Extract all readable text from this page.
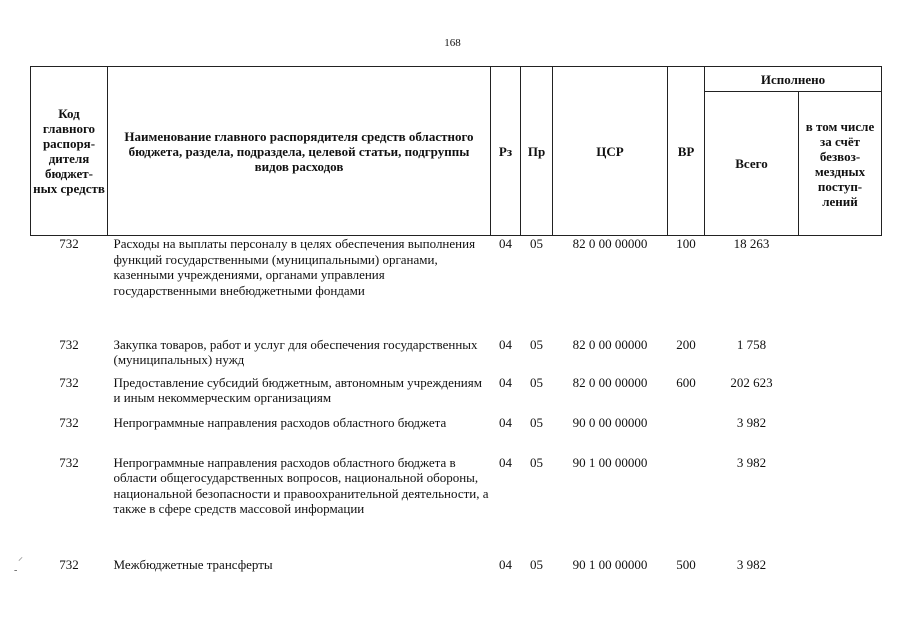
168
Код главного распоря-дителя бюджет-ных средств	Наименование главного распорядителя средств областного бюджета, раздела, подраздела, целевой статьи, подгруппы видов расходов	Рз	Пр	ЦСР	ВР	Исполнено	
						Всего	в том числе за счёт безвоз-мездных поступ-лений
732	Расходы на выплаты персоналу в целях обеспечения выполнения функций государственными (муниципальными) органами, казенными учреждениями, органами управления государственными внебюджетными фондами	04	05	82 0 00 00000	100	18 263	
732	Закупка товаров, работ и услуг для обеспечения государственных (муниципальных) нужд	04	05	82 0 00 00000	200	1 758	
732	Предоставление субсидий бюджетным, автономным учреждениям и иным некоммерческим организациям	04	05	82 0 00 00000	600	202 623	
732	Непрограммные направления расходов областного бюджета	04	05	90 0 00 00000		3 982	
732	Непрограммные направления расходов областного бюджета в области общегосударственных вопросов, национальной обороны, национальной безопасности и правоохранительной деятельности, а также в сфере средств массовой информации	04	05	90 1 00 00000		3 982	
732	Межбюджетные трансферты	04	05	90 1 00 00000	500	3 982	
⸝
-
